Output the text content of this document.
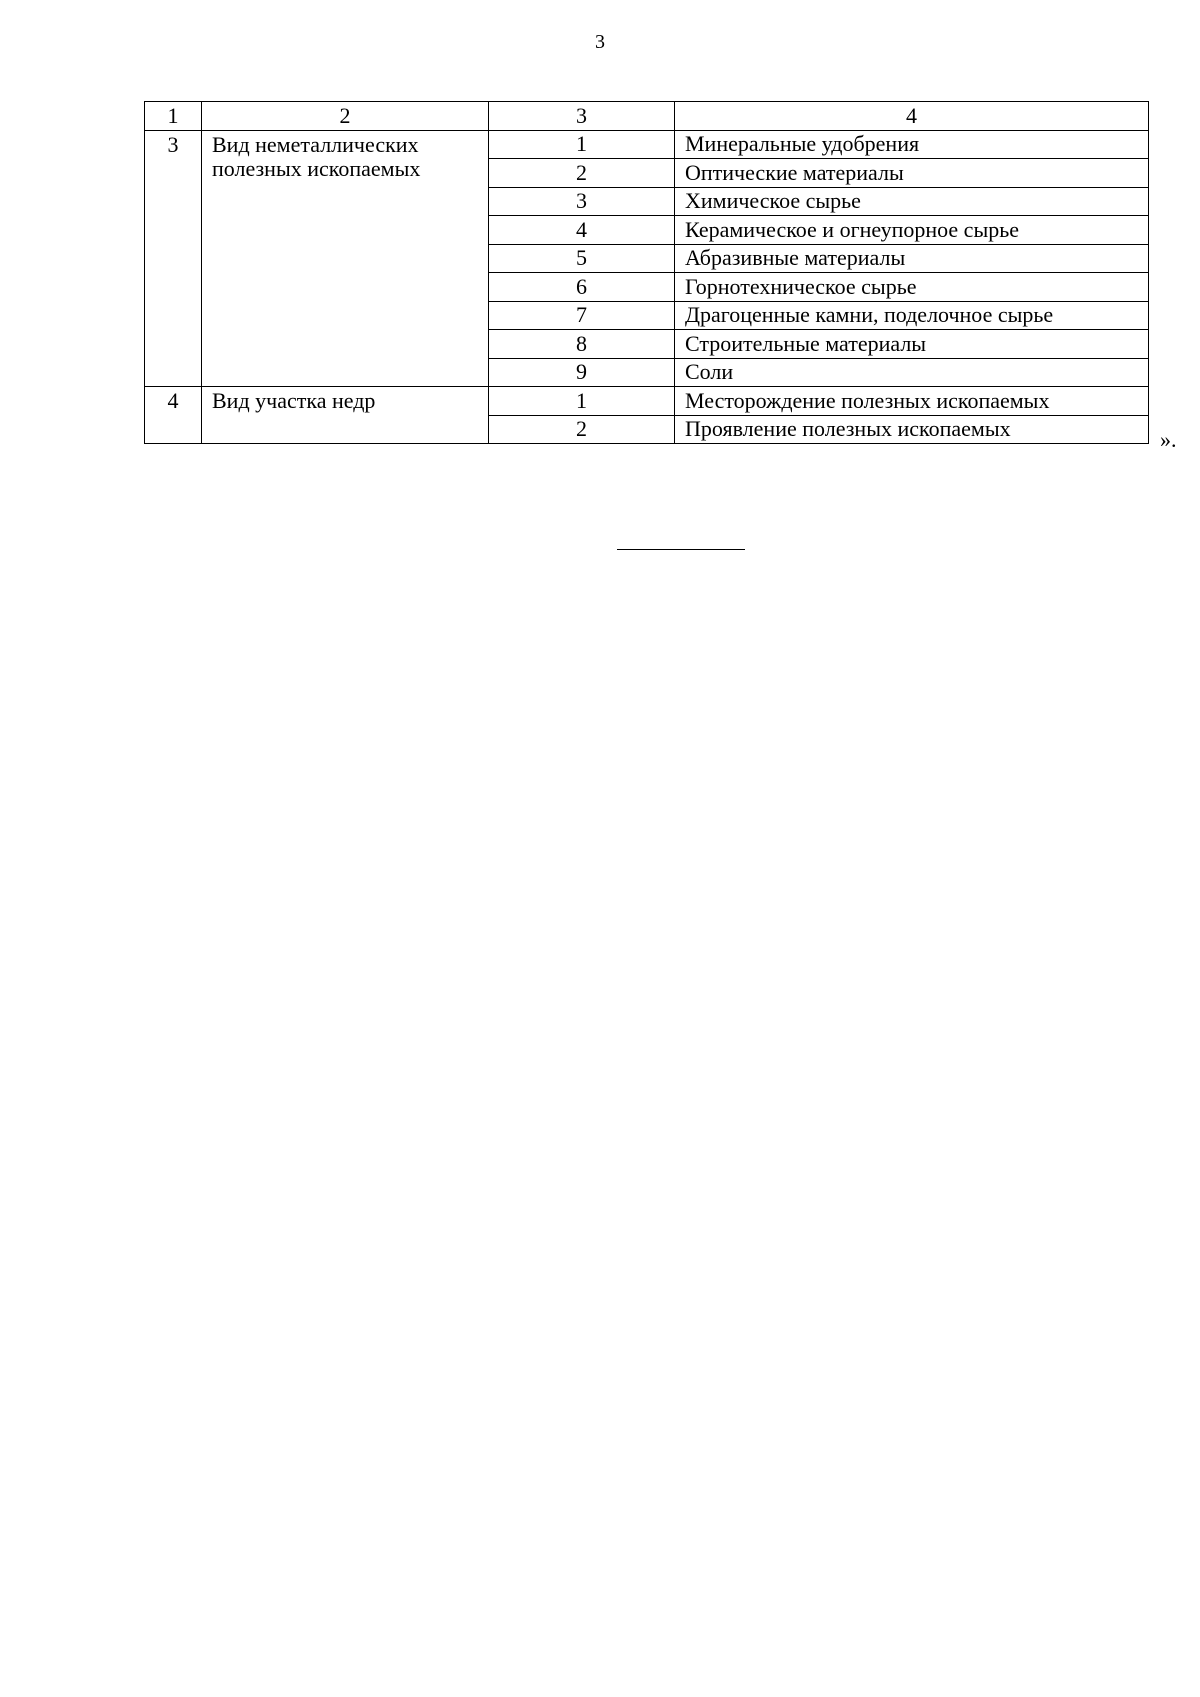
3
1	2	3	4
3	Вид неметаллических полезных ископаемых	1	Минеральные удобрения
		2	Оптические материалы
		3	Химическое сырье
		4	Керамическое и огнеупорное сырье
		5	Абразивные материалы
		6	Горнотехническое сырье
		7	Драгоценные камни, поделочное сырье
		8	Строительные материалы
		9	Соли
4	Вид участка недр	1	Месторождение полезных ископаемых
		2	Проявление полезных ископаемых	».
